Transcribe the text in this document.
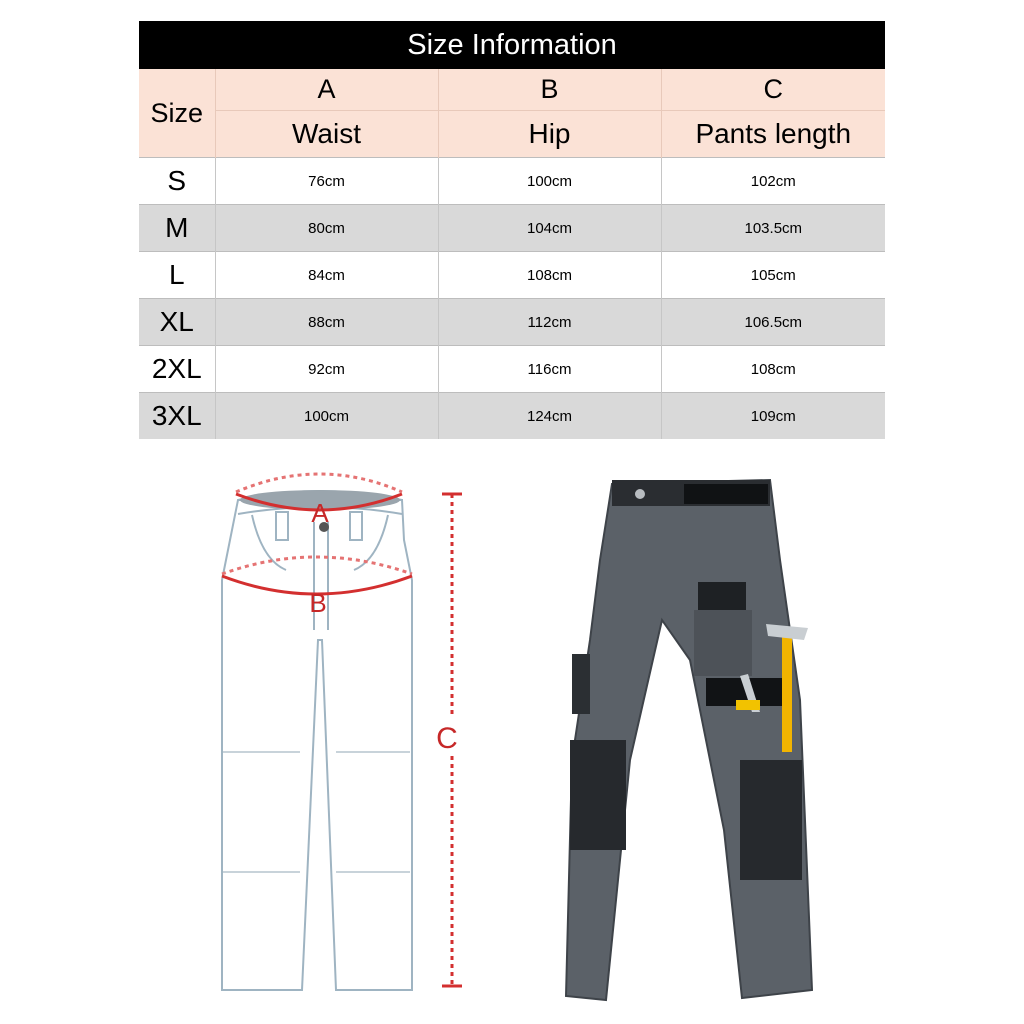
Size Information			
Size	A	B	C
	Waist	Hip	Pants length
S	76cm	100cm	102cm
M	80cm	104cm	103.5cm
L	84cm	108cm	105cm
XL	88cm	112cm	106.5cm
2XL	92cm	116cm	108cm
3XL	100cm	124cm	109cm
A
B
C
